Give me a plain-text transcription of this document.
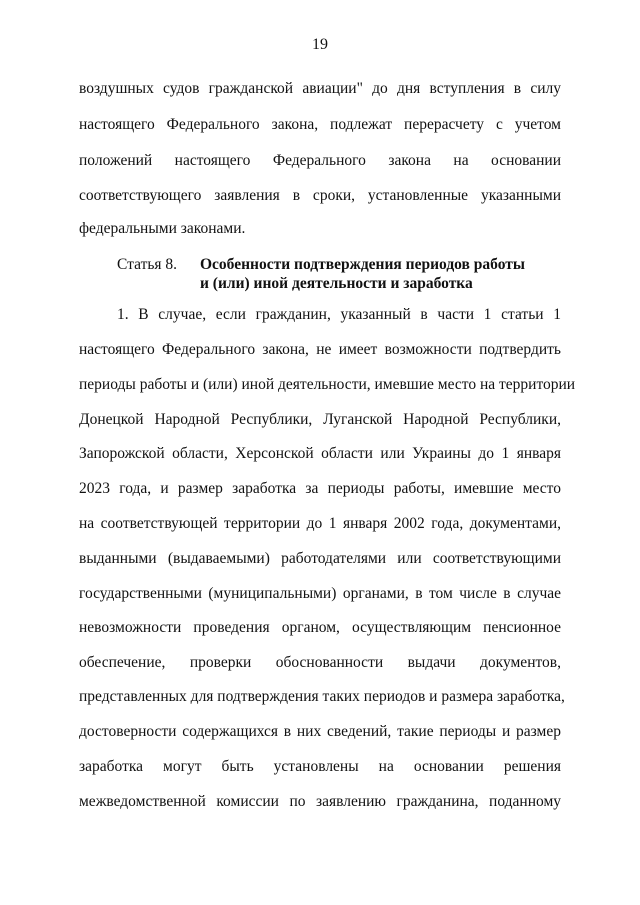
19
воздушных судов гражданской авиации" до дня вступления в силу
настоящего Федерального закона, подлежат перерасчету с учетом
положений настоящего Федерального закона на основании
соответствующего заявления в сроки, установленные указанными
федеральными законами.
Статья 8. Особенности подтверждения периодов работы
и (или) иной деятельности и заработка
1. В случае, если гражданин, указанный в части 1 статьи 1
настоящего Федерального закона, не имеет возможности подтвердить
периоды работы и (или) иной деятельности, имевшие место на территории
Донецкой Народной Республики, Луганской Народной Республики,
Запорожской области, Херсонской области или Украины до 1 января
2023 года, и размер заработка за периоды работы, имевшие место
на соответствующей территории до 1 января 2002 года, документами,
выданными (выдаваемыми) работодателями или соответствующими
государственными (муниципальными) органами, в том числе в случае
невозможности проведения органом, осуществляющим пенсионное
обеспечение, проверки обоснованности выдачи документов,
представленных для подтверждения таких периодов и размера заработка,
достоверности содержащихся в них сведений, такие периоды и размер
заработка могут быть установлены на основании решения
межведомственной комиссии по заявлению гражданина, поданному
